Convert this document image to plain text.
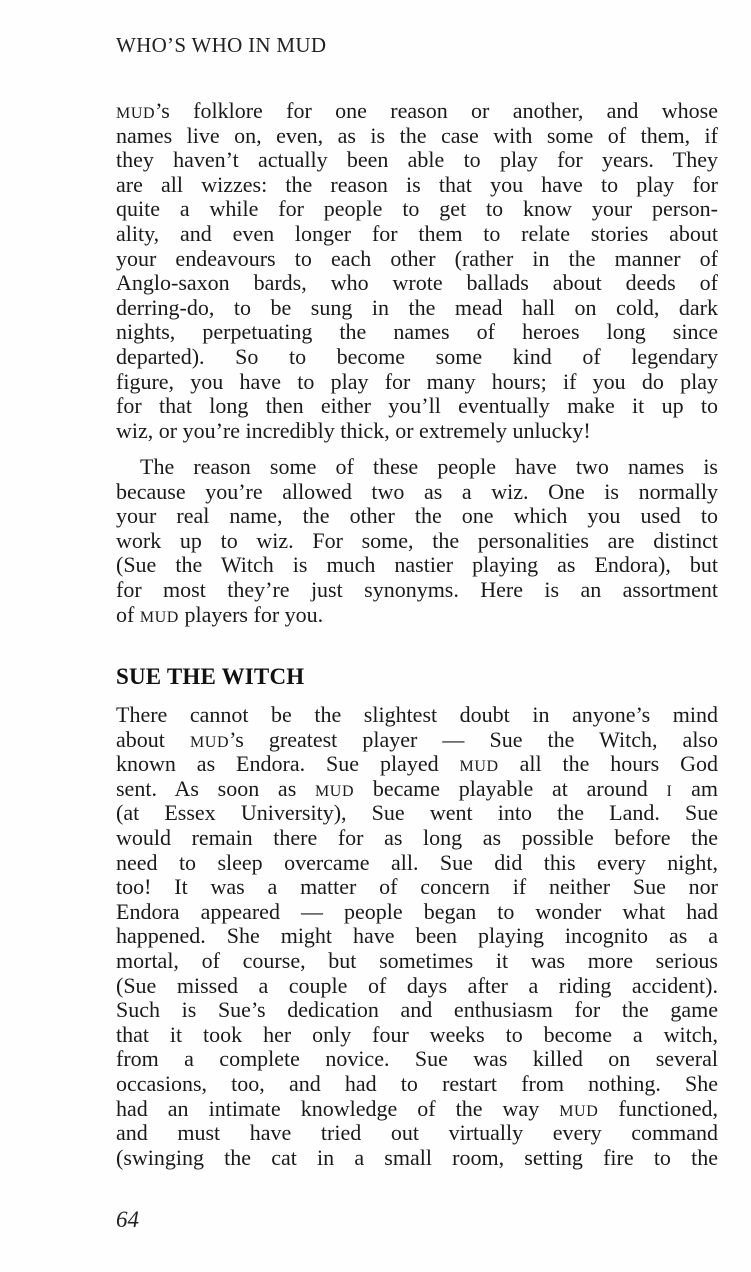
WHO’S WHO IN MUD
MUD’s folklore for one reason or another, and whose
names live on, even, as is the case with some of them, if
they haven’t actually been able to play for years. They
are all wizzes: the reason is that you have to play for
quite a while for people to get to know your person-
ality, and even longer for them to relate stories about
your endeavours to each other (rather in the manner of
Anglo-saxon bards, who wrote ballads about deeds of
derring-do, to be sung in the mead hall on cold, dark
nights, perpetuating the names of heroes long since
departed). So to become some kind of legendary
figure, you have to play for many hours; if you do play
for that long then either you’ll eventually make it up to
wiz, or you’re incredibly thick, or extremely unlucky!
The reason some of these people have two names is
because you’re allowed two as a wiz. One is normally
your real name, the other the one which you used to
work up to wiz. For some, the personalities are distinct
(Sue the Witch is much nastier playing as Endora), but
for most they’re just synonyms. Here is an assortment
of MUD players for you.
SUE THE WITCH
There cannot be the slightest doubt in anyone’s mind
about MUD’s greatest player — Sue the Witch, also
known as Endora. Sue played MUD all the hours God
sent. As soon as MUD became playable at around I am
(at Essex University), Sue went into the Land. Sue
would remain there for as long as possible before the
need to sleep overcame all. Sue did this every night,
too! It was a matter of concern if neither Sue nor
Endora appeared — people began to wonder what had
happened. She might have been playing incognito as a
mortal, of course, but sometimes it was more serious
(Sue missed a couple of days after a riding accident).
Such is Sue’s dedication and enthusiasm for the game
that it took her only four weeks to become a witch,
from a complete novice. Sue was killed on several
occasions, too, and had to restart from nothing. She
had an intimate knowledge of the way MUD functioned,
and must have tried out virtually every command
(swinging the cat in a small room, setting fire to the
64
